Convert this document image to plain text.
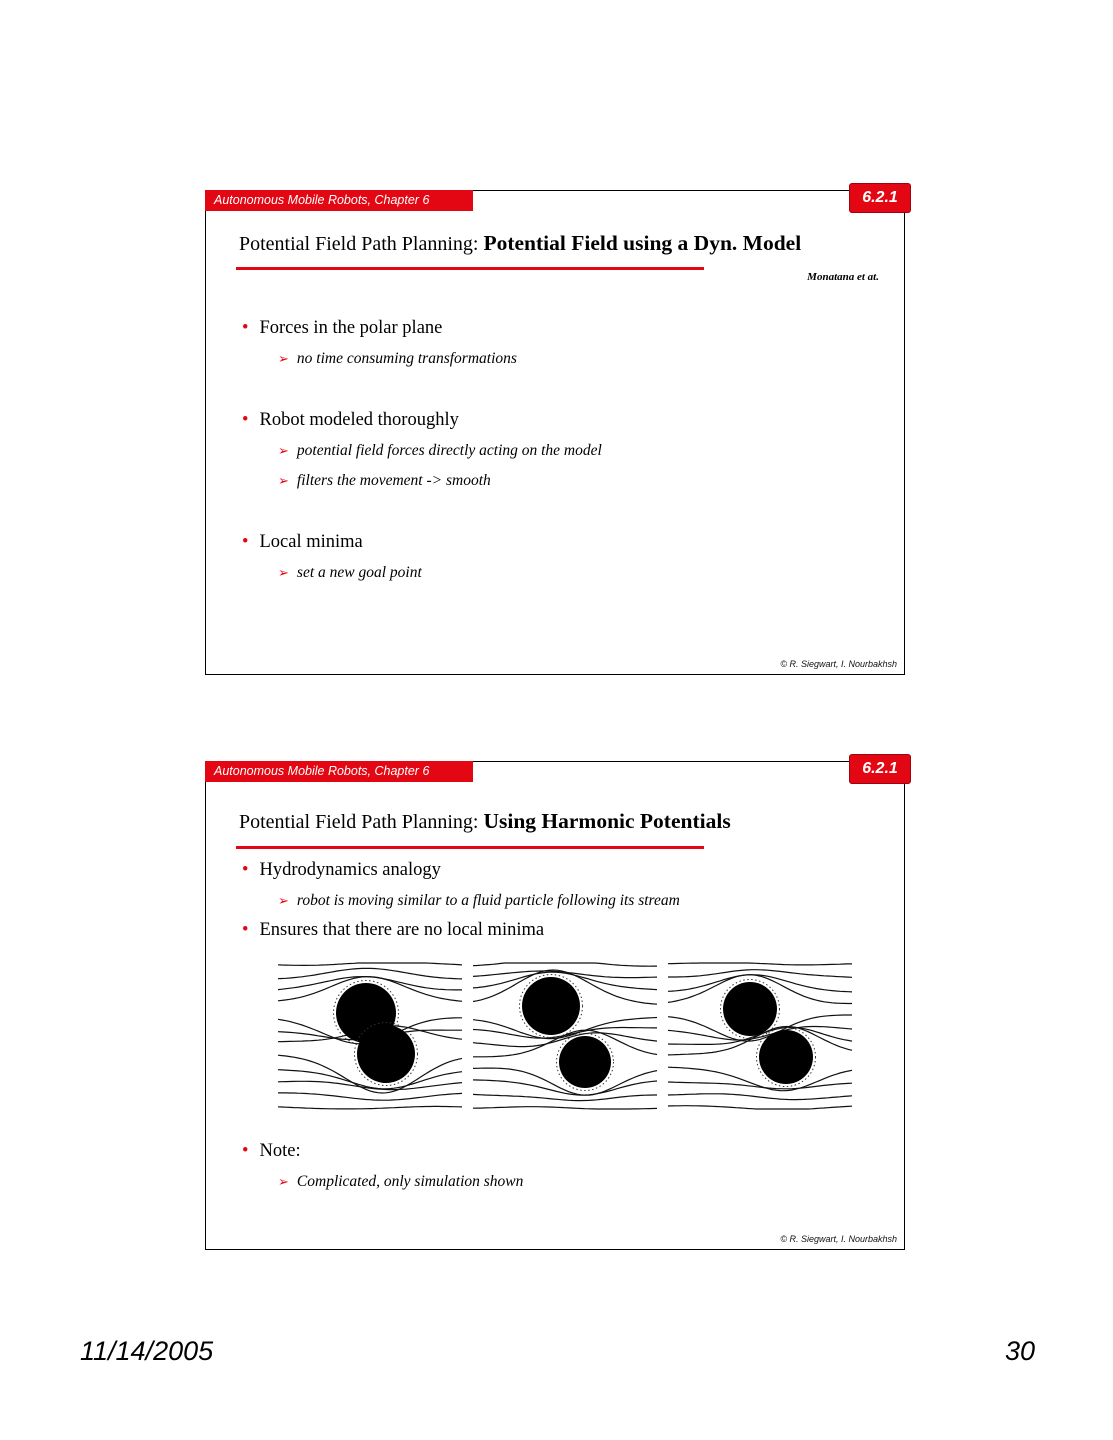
Autonomous Mobile Robots, Chapter 6	6.2.1
Potential Field Path Planning: Potential Field using a Dyn. Model
Monatana et at.
• Forces in the polar plane
➢ no time consuming transformations
• Robot modeled thoroughly
➢ potential field forces directly acting on the model
➢ filters the movement -> smooth
• Local minima
➢ set a new goal point
© R. Siegwart, I. Nourbakhsh
Autonomous Mobile Robots, Chapter 6	6.2.1
Potential Field Path Planning: Using Harmonic Potentials
• Hydrodynamics analogy
➢ robot is moving similar to a fluid particle following its stream
• Ensures that there are no local minima
• Note:
➢ Complicated, only simulation shown
© R. Siegwart, I. Nourbakhsh
11/14/2005	30
